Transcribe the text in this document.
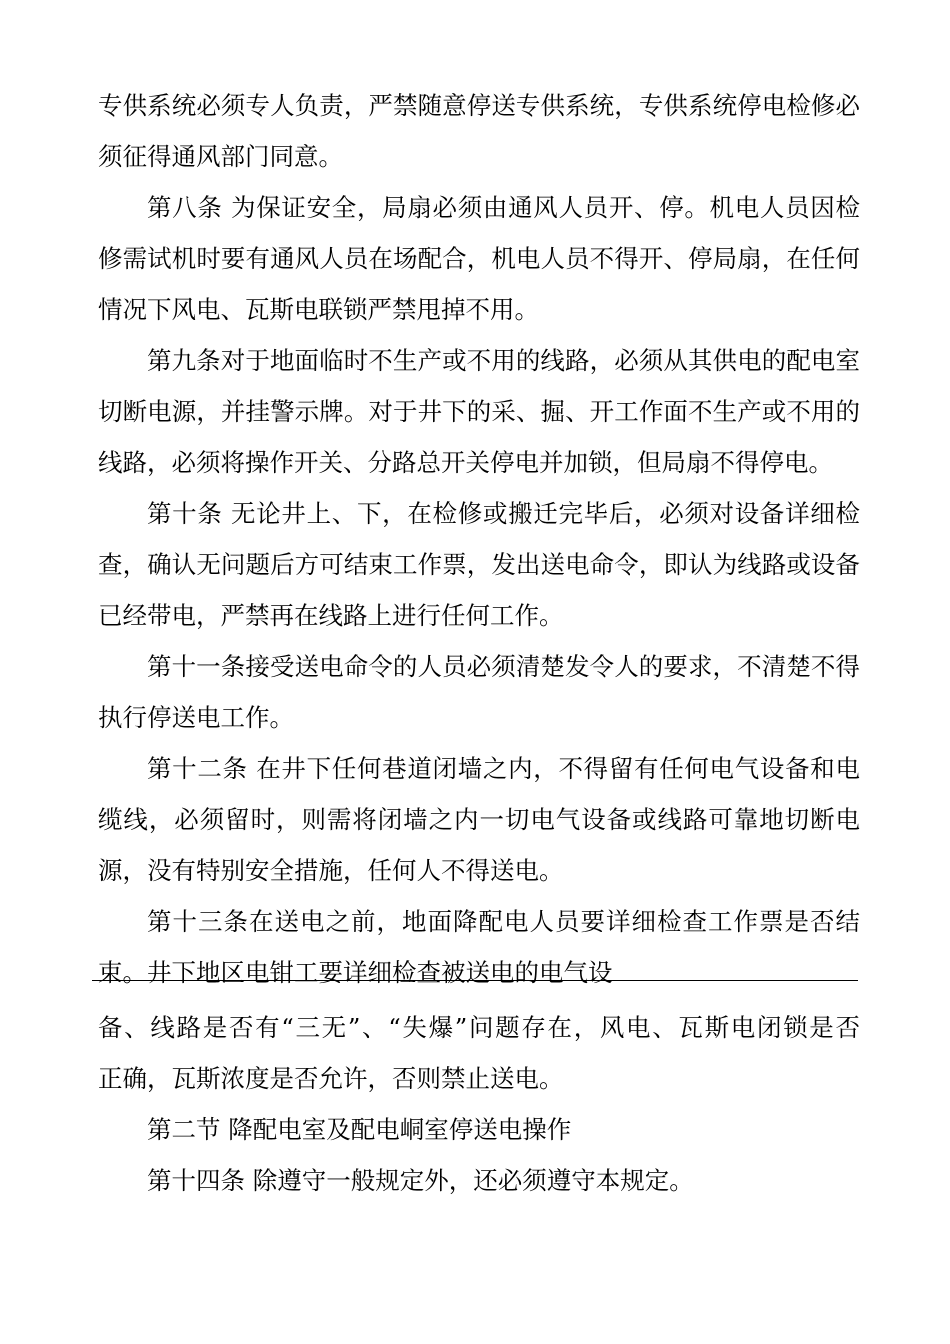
专供系统必须专人负责，严禁随意停送专供系统，专供系统停电检修必
须征得通风部门同意。
第八条 为保证安全，局扇必须由通风人员开、停。机电人员因检
修需试机时要有通风人员在场配合，机电人员不得开、停局扇，在任何
情况下风电、瓦斯电联锁严禁甩掉不用。
第九条对于地面临时不生产或不用的线路，必须从其供电的配电室
切断电源，并挂警示牌。对于井下的采、掘、开工作面不生产或不用的
线路，必须将操作开关、分路总开关停电并加锁，但局扇不得停电。
第十条 无论井上、下，在检修或搬迁完毕后，必须对设备详细检
查，确认无问题后方可结束工作票，发出送电命令，即认为线路或设备
已经带电，严禁再在线路上进行任何工作。
第十一条接受送电命令的人员必须清楚发令人的要求，不清楚不得
执行停送电工作。
第十二条 在井下任何巷道闭墙之内，不得留有任何电气设备和电
缆线，必须留时，则需将闭墙之内一切电气设备或线路可靠地切断电
源，没有特别安全措施，任何人不得送电。
第十三条在送电之前，地面降配电人员要详细检查工作票是否结
束。井下地区电钳工要详细检查被送电的电气设
备、线路是否有“三无”、“失爆”问题存在，风电、瓦斯电闭锁是否
正确，瓦斯浓度是否允许，否则禁止送电。
第二节 降配电室及配电峒室停送电操作
第十四条 除遵守一般规定外，还必须遵守本规定。
